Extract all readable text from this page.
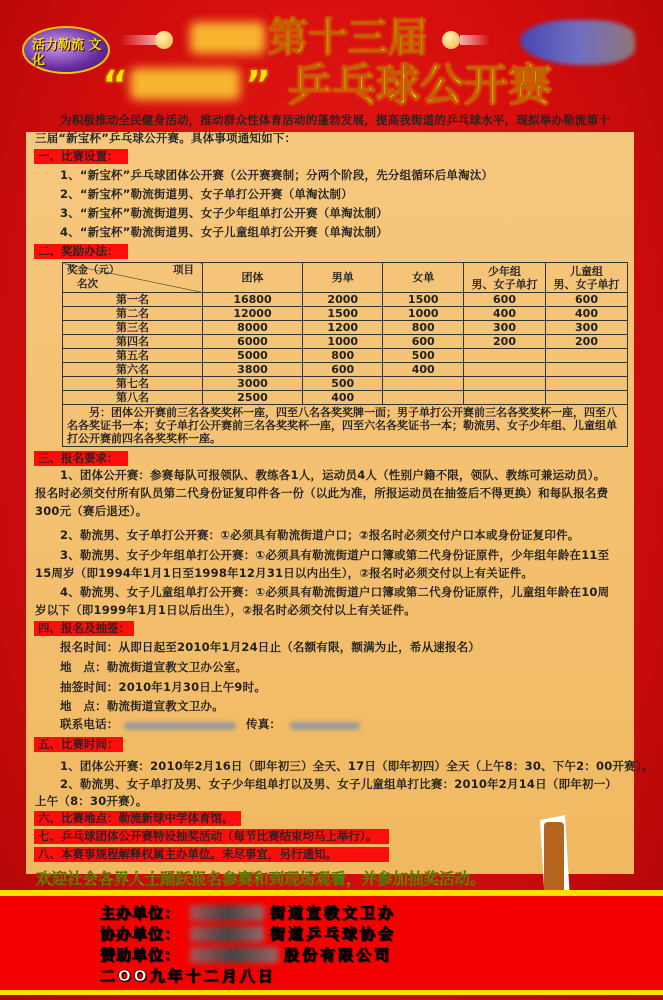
活力勒流 文化	第十三届
“	” 乒乓球公开赛
为积极推动全民健身活动，推动群众性体育活动的蓬勃发展，提高我街道的乒乓球水平，现拟举办勒流第十
三届“新宝杯”乒乓球公开赛。具体事项通知如下：
一、比赛设置：
1、“新宝杯”乒乓球团体公开赛（公开赛赛制；分两个阶段，先分组循环后单淘汰）
2、“新宝杯”勒流街道男、女子单打公开赛（单淘汰制）
3、“新宝杯”勒流街道男、女子少年组单打公开赛（单淘汰制）
4、“新宝杯”勒流街道男、女子儿童组单打公开赛（单淘汰制）
二、奖励办法：
奖金（元）	项目
名次	团体	男单	女单	少年组
男、女子单打	儿童组
男、女子单打
第一名	16800	2000	1500	600	600
第二名	12000	1500	1000	400	400
第三名	8000	1200	800	300	300
第四名	6000	1000	600	200	200
第五名	5000	800	500		
第六名	3800	600	400		
第七名	3000	500			
第八名	2500	400			
另：团体公开赛前三名各奖奖杯一座，四至八名各奖奖牌一面；男子单打公开赛前三名各奖奖杯一座，四至八名各奖证书一本；女子单打公开赛前三名各奖奖杯一座，四至六名各奖证书一本；勒流男、女子少年组、儿童组单打公开赛前四名各奖奖杯一座。
三、报名要求：
1、团体公开赛：参赛每队可报领队、教练各1人，运动员4人（性别户籍不限，领队、教练可兼运动员）。
报名时必须交付所有队员第二代身份证复印件各一份（以此为准，所报运动员在抽签后不得更换）和每队报名费
300元（赛后退还）。
2、勒流男、女子单打公开赛：①必须具有勒流街道户口；②报名时必须交付户口本或身份证复印件。
3、勒流男、女子少年组单打公开赛：①必须具有勒流街道户口簿或第二代身份证原件，少年组年龄在11至
15周岁（即1994年1月1日至1998年12月31日以内出生），②报名时必须交付以上有关证件。
4、勒流男、女子儿童组单打公开赛：①必须具有勒流街道户口簿或第二代身份证原件，儿童组年龄在10周
岁以下（即1999年1月1日以后出生），②报名时必须交付以上有关证件。
四、报名及抽签：
报名时间：从即日起至2010年1月24日止（名额有限，额满为止，希从速报名）
地　点：勒流街道宣教文卫办公室。
抽签时间：2010年1月30日上午9时。
地　点：勒流街道宣教文卫办。
联系电话：	传真：
五、比赛时间：
1、团体公开赛：2010年2月16日（即年初三）全天、17日（即年初四）全天（上午8：30、下午2：00开赛）。
2、勒流男、女子单打及男、女子少年组单打以及男、女子儿童组单打比赛：2010年2月14日（即年初一）
上午（8：30开赛）。
六、比赛地点：勒流新球中学体育馆。
七、乒乓球团体公开赛特设抽奖活动（每节比赛结束均马上举行）。
八、本赛事规程解释权属主办单位。未尽事宜，另行通知。
欢迎社会各界人士踊跃报名参赛和到现场观看，并参加抽奖活动。
主办单位：	街道宣教文卫办
协办单位：	街道乒乓球协会
赞助单位：	股份有限公司
二OO九年十二月八日
